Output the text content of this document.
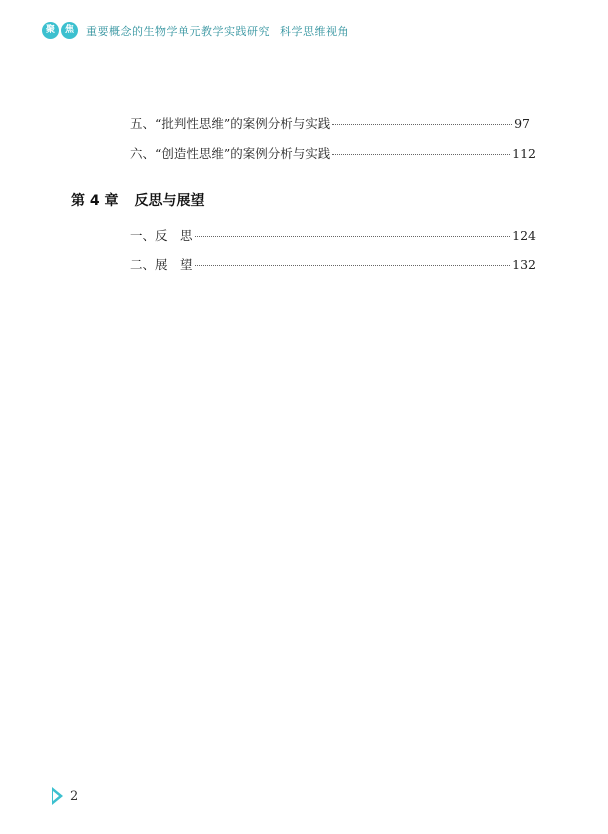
聚	焦	重要概念的生物学单元教学实践研究 科学思维视角
五、“批判性思维”的案例分析与实践	97
六、“创造性思维”的案例分析与实践	112
第 4 章 反思与展望
一、反　思	124
二、展　望	132
2
